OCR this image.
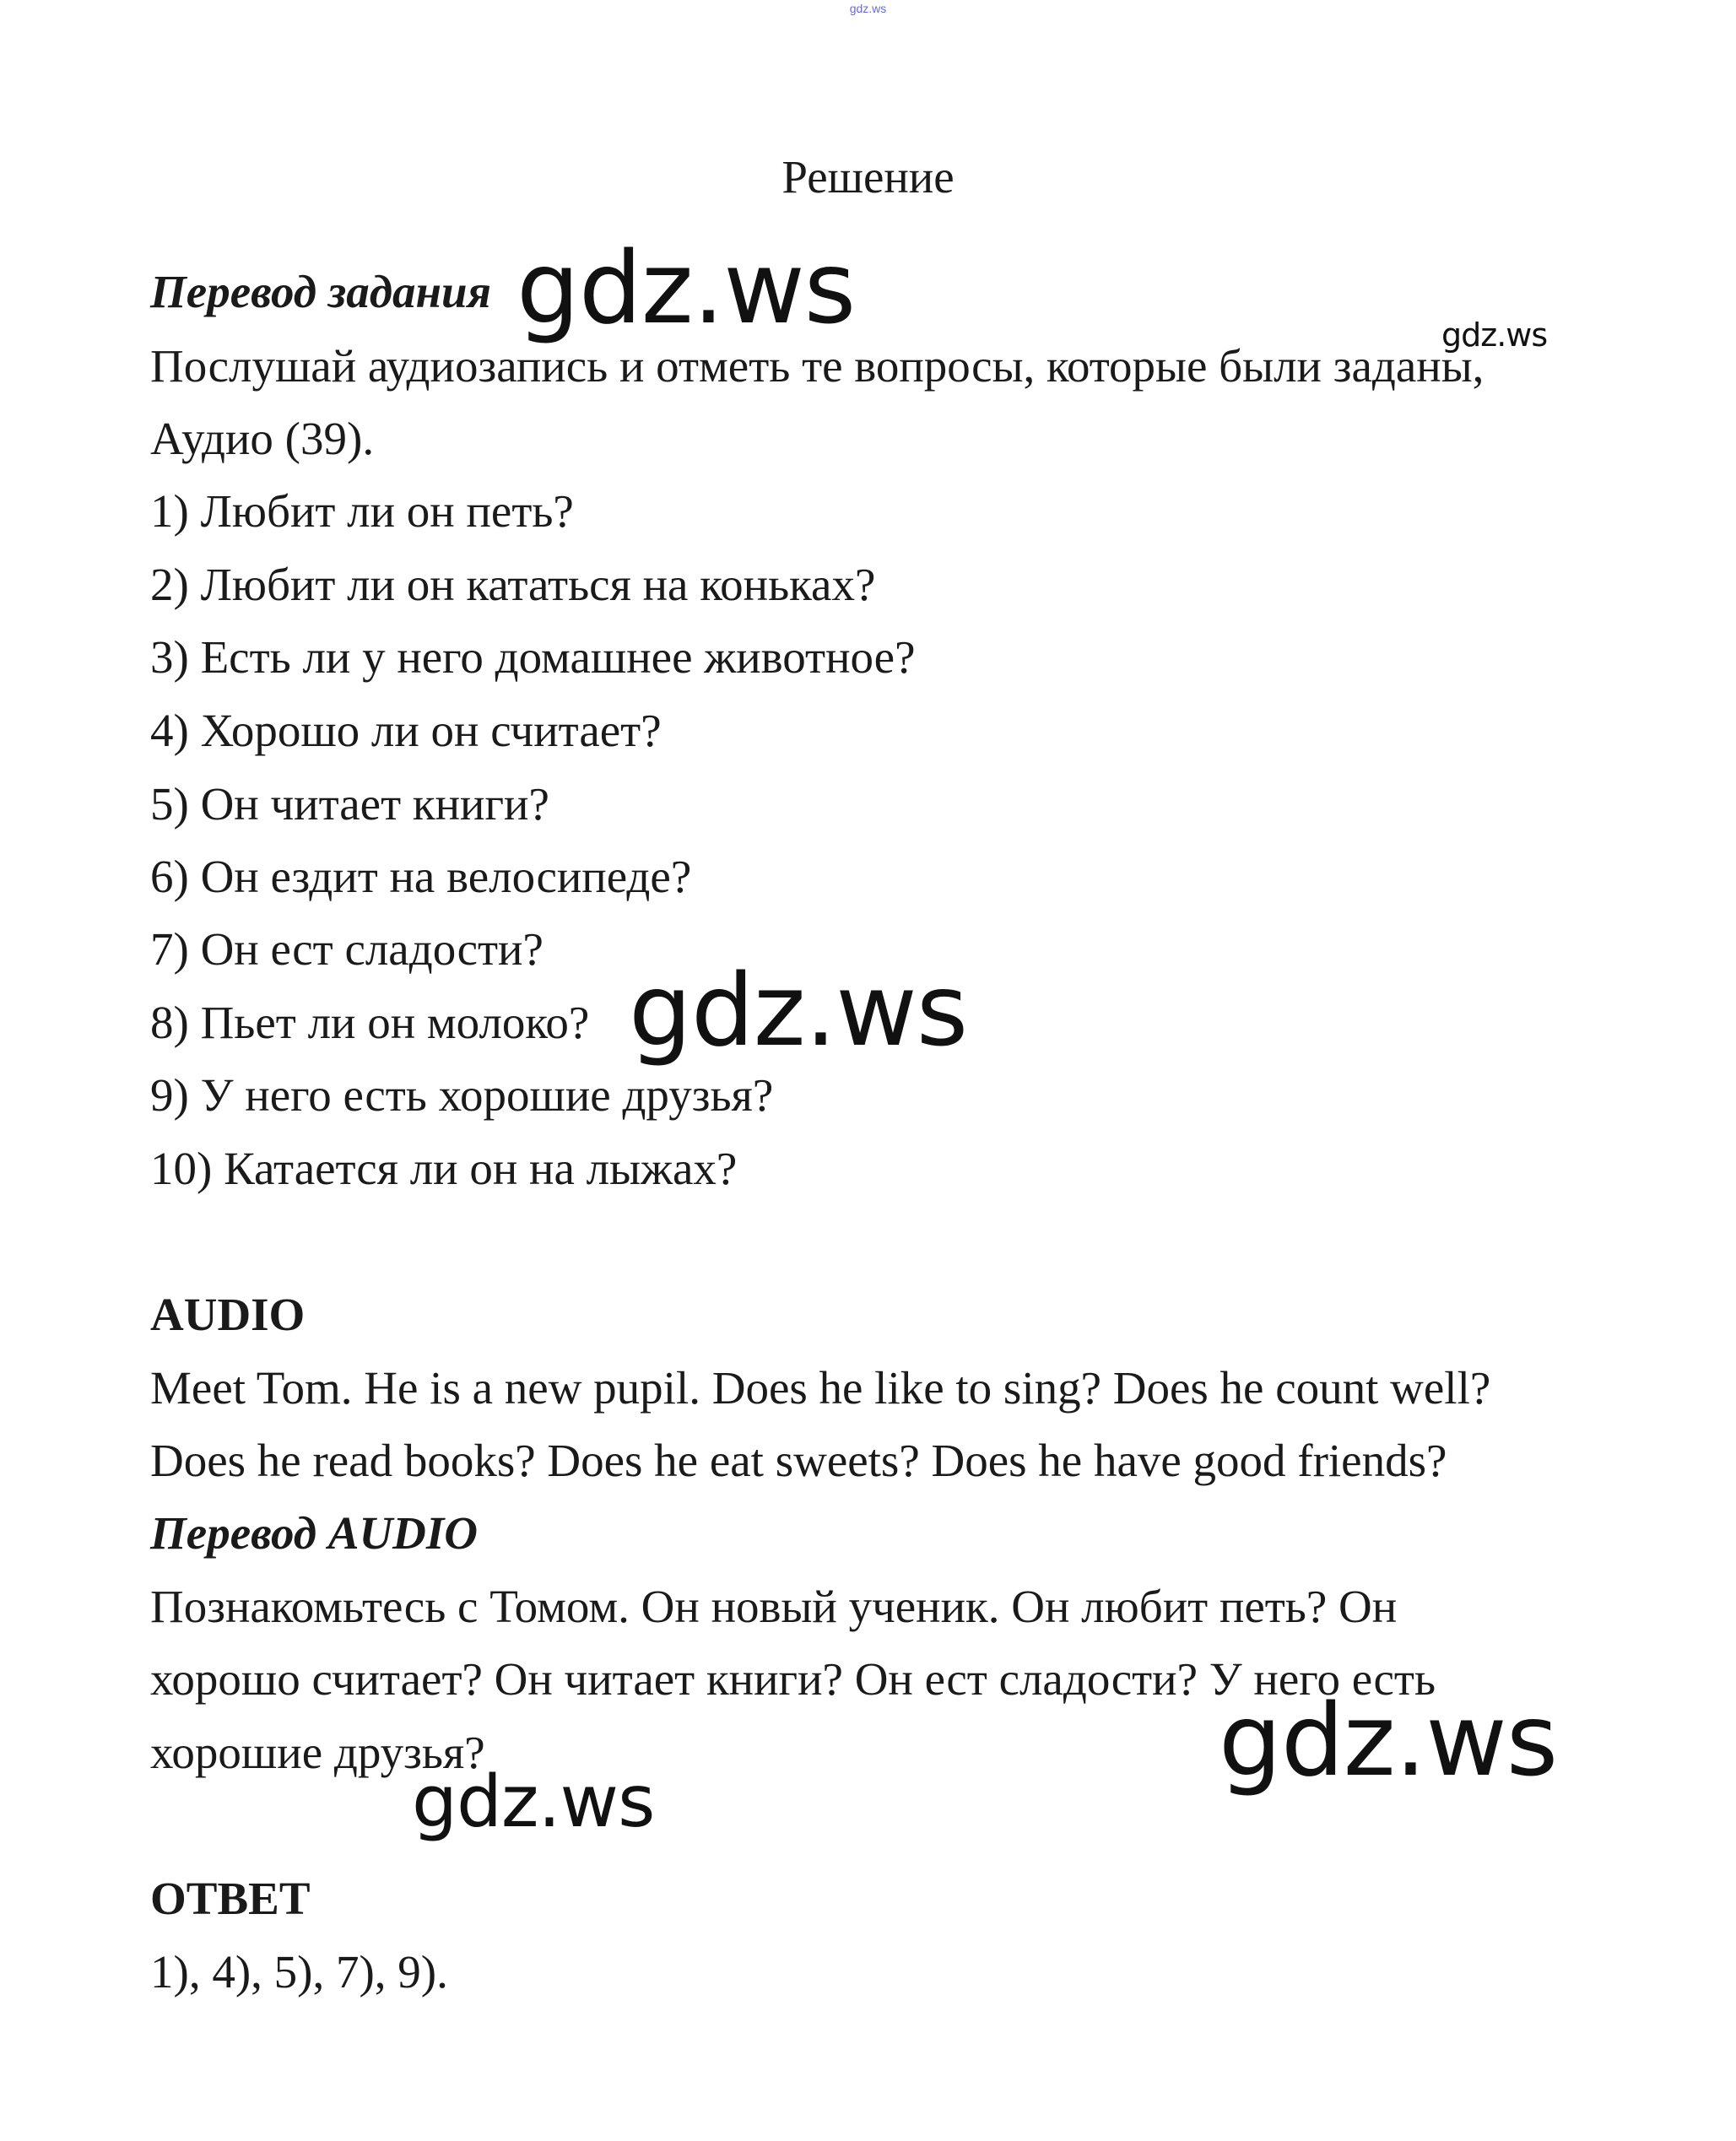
gdz.ws
Решение
Перевод задания
Послушай аудиозапись и отметь те вопросы, которые были заданы,
Аудио (39).
1) Любит ли он петь?
2) Любит ли он кататься на коньках?
3) Есть ли у него домашнее животное?
4) Хорошо ли он считает?
5) Он читает книги?
6) Он ездит на велосипеде?
7) Он ест сладости?
8) Пьет ли он молоко?
9) У него есть хорошие друзья?
10) Катается ли он на лыжах?
AUDIO
Meet Tom. He is a new pupil. Does he like to sing? Does he count well?
Does he read books? Does he eat sweets? Does he have good friends?
Перевод AUDIO
Познакомьтесь с Томом. Он новый ученик. Он любит петь? Он
хорошо считает? Он читает книги? Он ест сладости? У него есть
хорошие друзья?
ОТВЕТ
1), 4), 5), 7), 9).
gdz.ws	gdz.ws
gdz.ws
gdz.ws
gdz.ws
